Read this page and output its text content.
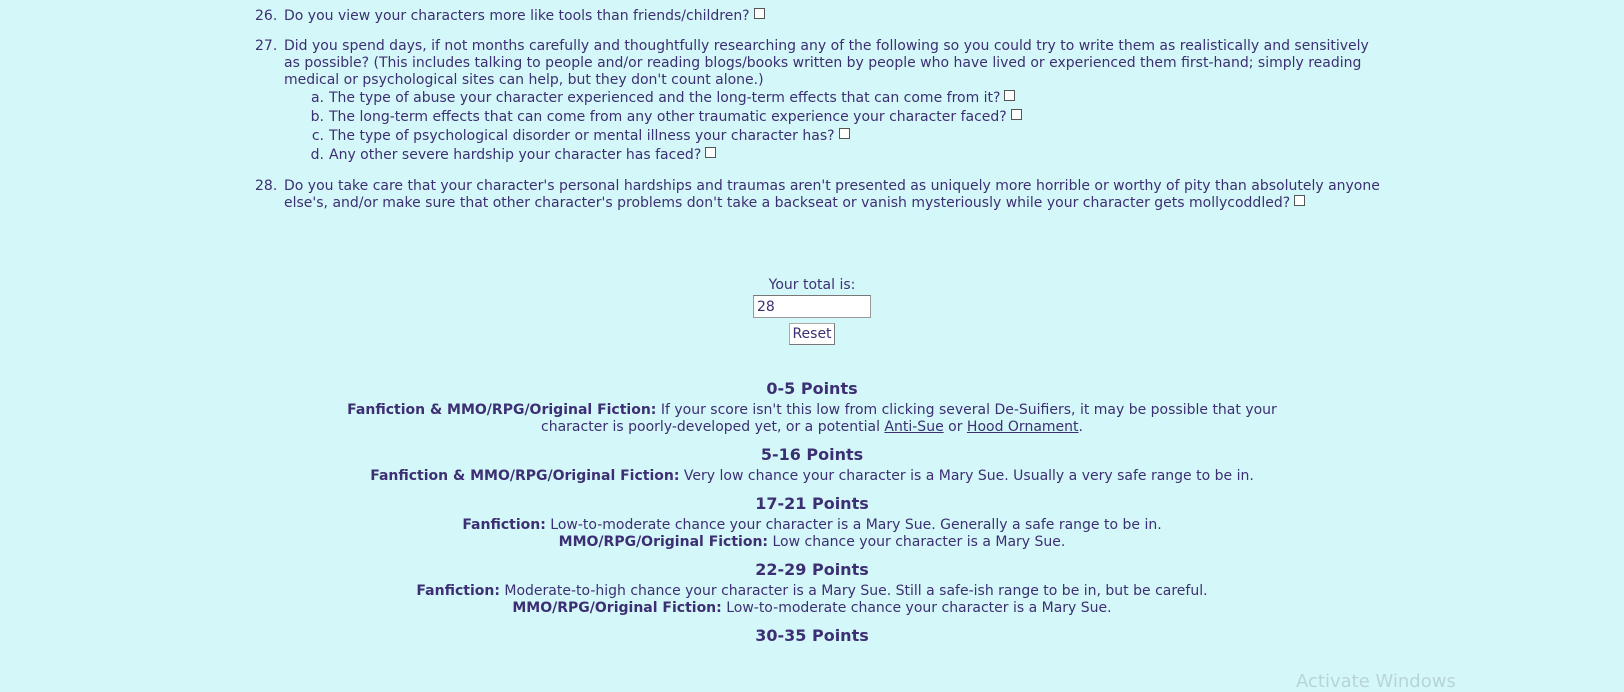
26. Do you view your characters more like tools than friends/children?
27. Did you spend days, if not months carefully and thoughtfully researching any of the following so you could try to write them as realistically and sensitively as possible? (This includes talking to people and/or reading blogs/books written by people who have lived or experienced them first-hand; simply reading medical or psychological sites can help, but they don't count alone.)
a. The type of abuse your character experienced and the long-term effects that can come from it?
b. The long-term effects that can come from any other traumatic experience your character faced?
c. The type of psychological disorder or mental illness your character has?
d. Any other severe hardship your character has faced?
28. Do you take care that your character's personal hardships and traumas aren't presented as uniquely more horrible or worthy of pity than absolutely anyone else's, and/or make sure that other character's problems don't take a backseat or vanish mysteriously while your character gets mollycoddled?
Your total is:
28
Reset
0-5 Points
Fanfiction & MMO/RPG/Original Fiction: If your score isn't this low from clicking several De-Suifiers, it may be possible that your character is poorly-developed yet, or a potential Anti-Sue or Hood Ornament.
5-16 Points
Fanfiction & MMO/RPG/Original Fiction: Very low chance your character is a Mary Sue. Usually a very safe range to be in.
17-21 Points
Fanfiction: Low-to-moderate chance your character is a Mary Sue. Generally a safe range to be in.
MMO/RPG/Original Fiction: Low chance your character is a Mary Sue.
22-29 Points
Fanfiction: Moderate-to-high chance your character is a Mary Sue. Still a safe-ish range to be in, but be careful.
MMO/RPG/Original Fiction: Low-to-moderate chance your character is a Mary Sue.
30-35 Points
Activate Windows
